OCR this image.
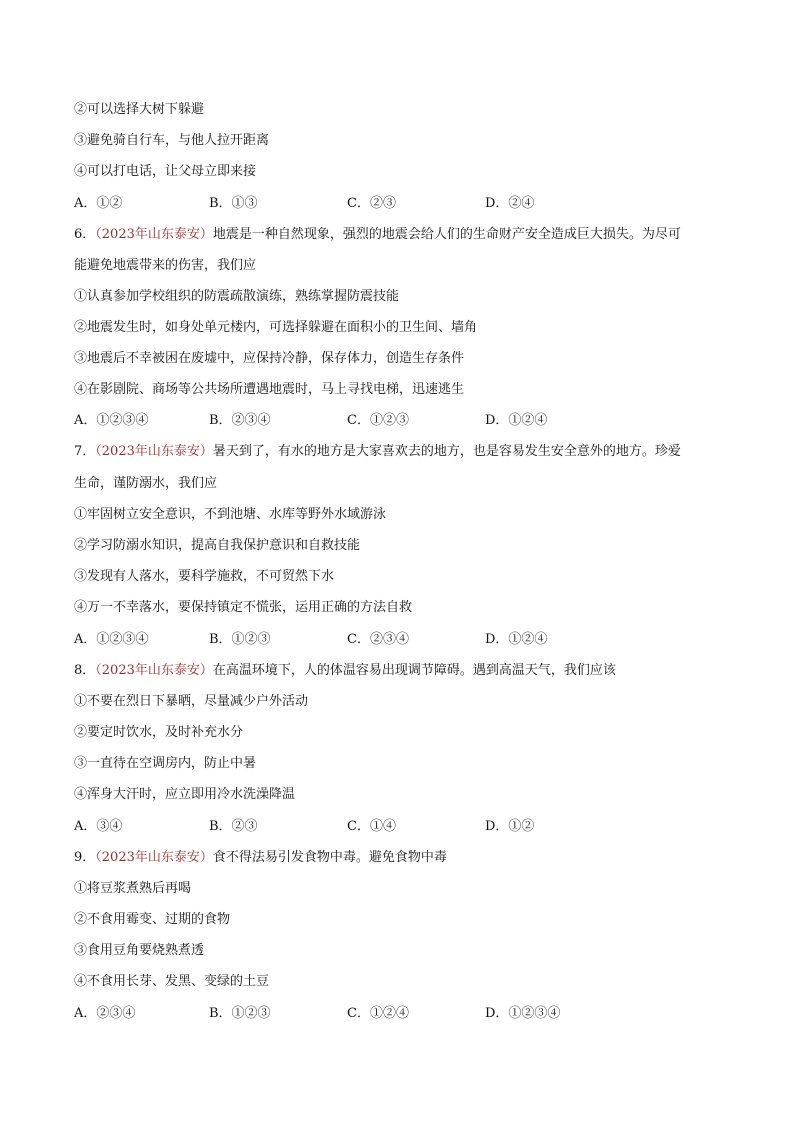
②可以选择大树下躲避
③避免骑自行车，与他人拉开距离
④可以打电话，让父母立即来接
A．①②	B．①③	C．②③	D．②④
6．（2023年山东泰安）地震是一种自然现象，强烈的地震会给人们的生命财产安全造成巨大损失。为尽可
能避免地震带来的伤害，我们应
①认真参加学校组织的防震疏散演练，熟练掌握防震技能
②地震发生时，如身处单元楼内，可选择躲避在面积小的卫生间、墙角
③地震后不幸被困在废墟中，应保持冷静，保存体力，创造生存条件
④在影剧院、商场等公共场所遭遇地震时，马上寻找电梯，迅速逃生
A．①②③④	B．②③④	C．①②③	D．①②④
7．（2023年山东泰安）暑天到了，有水的地方是大家喜欢去的地方，也是容易发生安全意外的地方。珍爱
生命，谨防溺水，我们应
①牢固树立安全意识，不到池塘、水库等野外水域游泳
②学习防溺水知识，提高自我保护意识和自救技能
③发现有人落水，要科学施救，不可贸然下水
④万一不幸落水，要保持镇定不慌张，运用正确的方法自救
A．①②③④	B．①②③	C．②③④	D．①②④
8．（2023年山东泰安）在高温环境下，人的体温容易出现调节障碍。遇到高温天气，我们应该
①不要在烈日下暴晒，尽量减少户外活动
②要定时饮水，及时补充水分
③一直待在空调房内，防止中暑
④浑身大汗时，应立即用冷水洗澡降温
A．③④	B．②③	C．①④	D．①②
9．（2023年山东泰安）食不得法易引发食物中毒。避免食物中毒
①将豆浆煮熟后再喝
②不食用霉变、过期的食物
③食用豆角要烧熟煮透
④不食用长芽、发黑、变绿的土豆
A．②③④	B．①②③	C．①②④	D．①②③④
